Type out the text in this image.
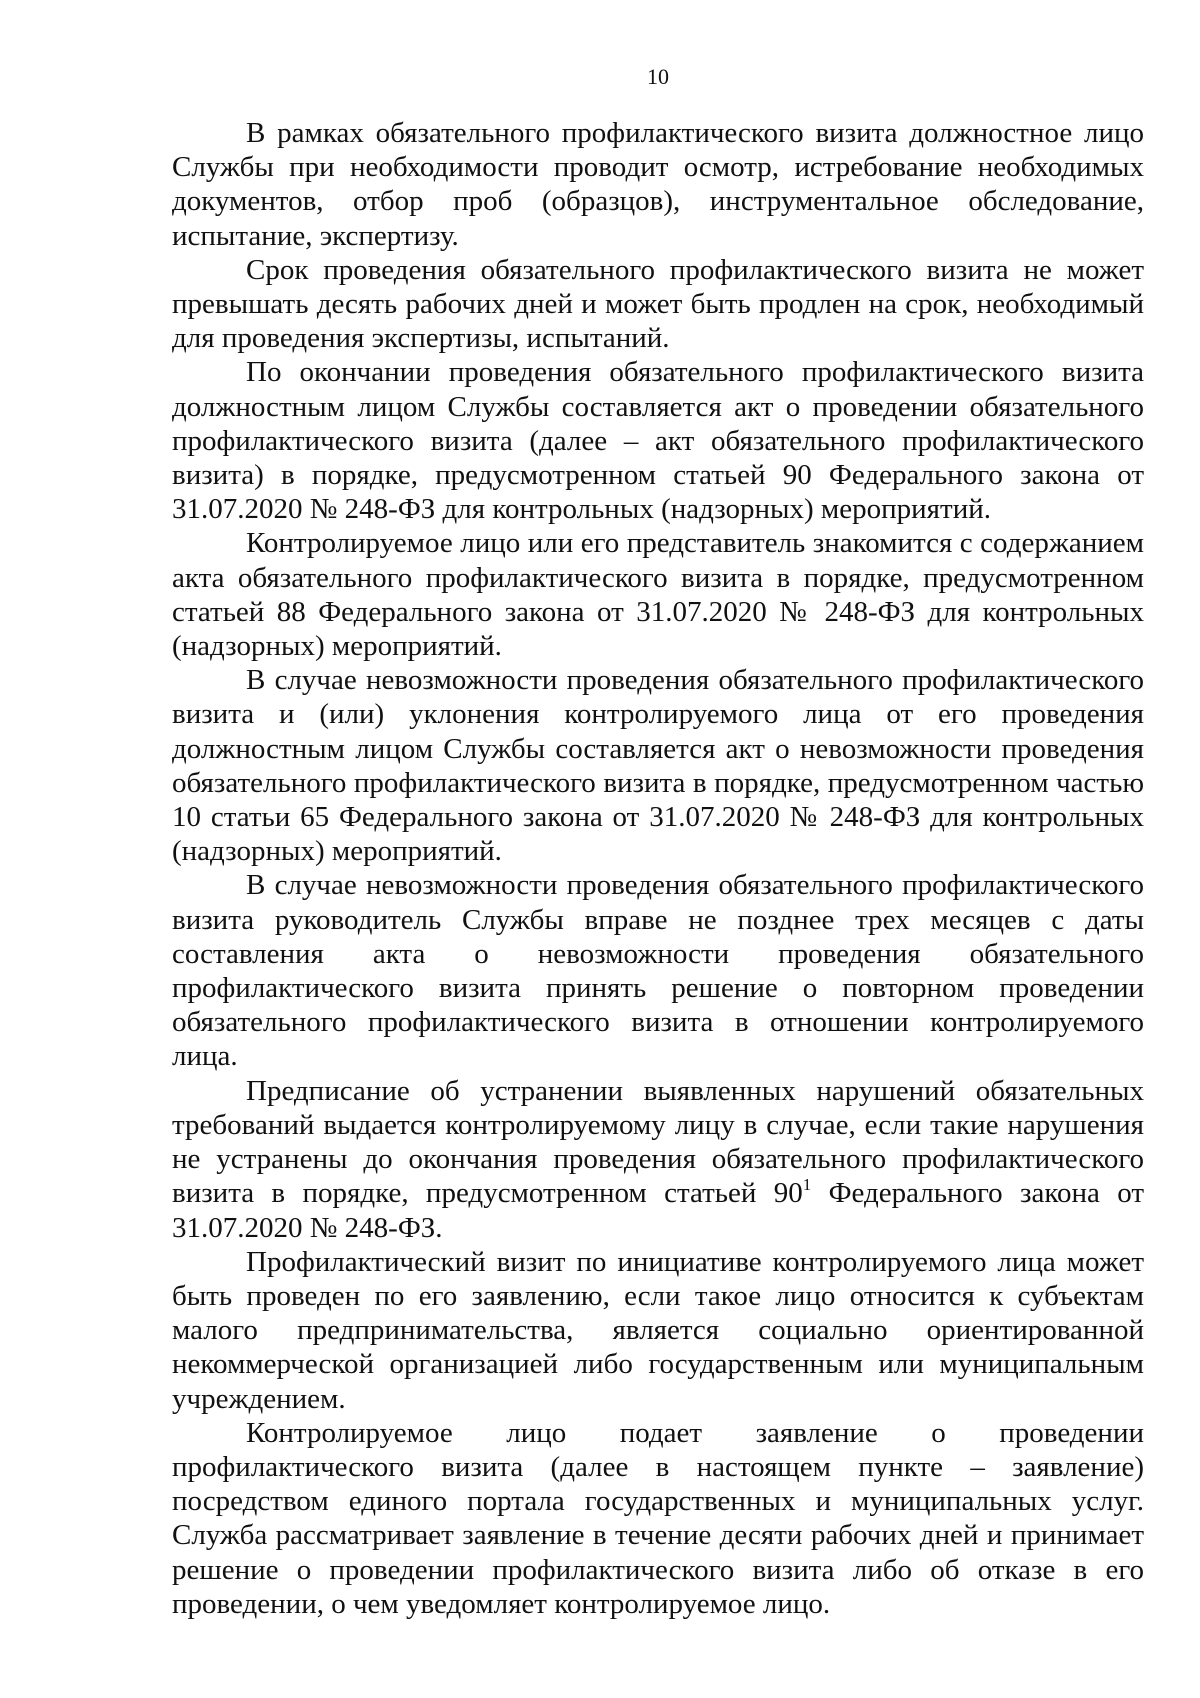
10

В рамках обязательного профилактического визита должностное лицо Службы при необходимости проводит осмотр, истребование необходимых документов, отбор проб (образцов), инструментальное обследование, испытание, экспертизу.

Срок проведения обязательного профилактического визита не может превышать десять рабочих дней и может быть продлен на срок, необходимый для проведения экспертизы, испытаний.

По окончании проведения обязательного профилактического визита должностным лицом Службы составляется акт о проведении обязательного профилактического визита (далее – акт обязательного профилактического визита) в порядке, предусмотренном статьей 90 Федерального закона от 31.07.2020 № 248-ФЗ для контрольных (надзорных) мероприятий.

Контролируемое лицо или его представитель знакомится с содержанием акта обязательного профилактического визита в порядке, предусмотренном статьей 88 Федерального закона от 31.07.2020 № 248-ФЗ для контрольных (надзорных) мероприятий.

В случае невозможности проведения обязательного профилактического визита и (или) уклонения контролируемого лица от его проведения должностным лицом Службы составляется акт о невозможности проведения обязательного профилактического визита в порядке, предусмотренном частью 10 статьи 65 Федерального закона от 31.07.2020 № 248-ФЗ для контрольных (надзорных) мероприятий.

В случае невозможности проведения обязательного профилактического визита руководитель Службы вправе не позднее трех месяцев с даты составления акта о невозможности проведения обязательного профилактического визита принять решение о повторном проведении обязательного профилактического визита в отношении контролируемого лица.

Предписание об устранении выявленных нарушений обязательных требований выдается контролируемому лицу в случае, если такие нарушения не устранены до окончания проведения обязательного профилактического визита в порядке, предусмотренном статьей $90^1$ Федерального закона от 31.07.2020 № 248-ФЗ.

Профилактический визит по инициативе контролируемого лица может быть проведен по его заявлению, если такое лицо относится к субъектам малого предпринимательства, является социально ориентированной некоммерческой организацией либо государственным или муниципальным учреждением.

Контролируемое лицо подает заявление о проведении профилактического визита (далее в настоящем пункте – заявление) посредством единого портала государственных и муниципальных услуг. Служба рассматривает заявление в течение десяти рабочих дней и принимает решение о проведении профилактического визита либо об отказе в его проведении, о чем уведомляет контролируемое лицо.
